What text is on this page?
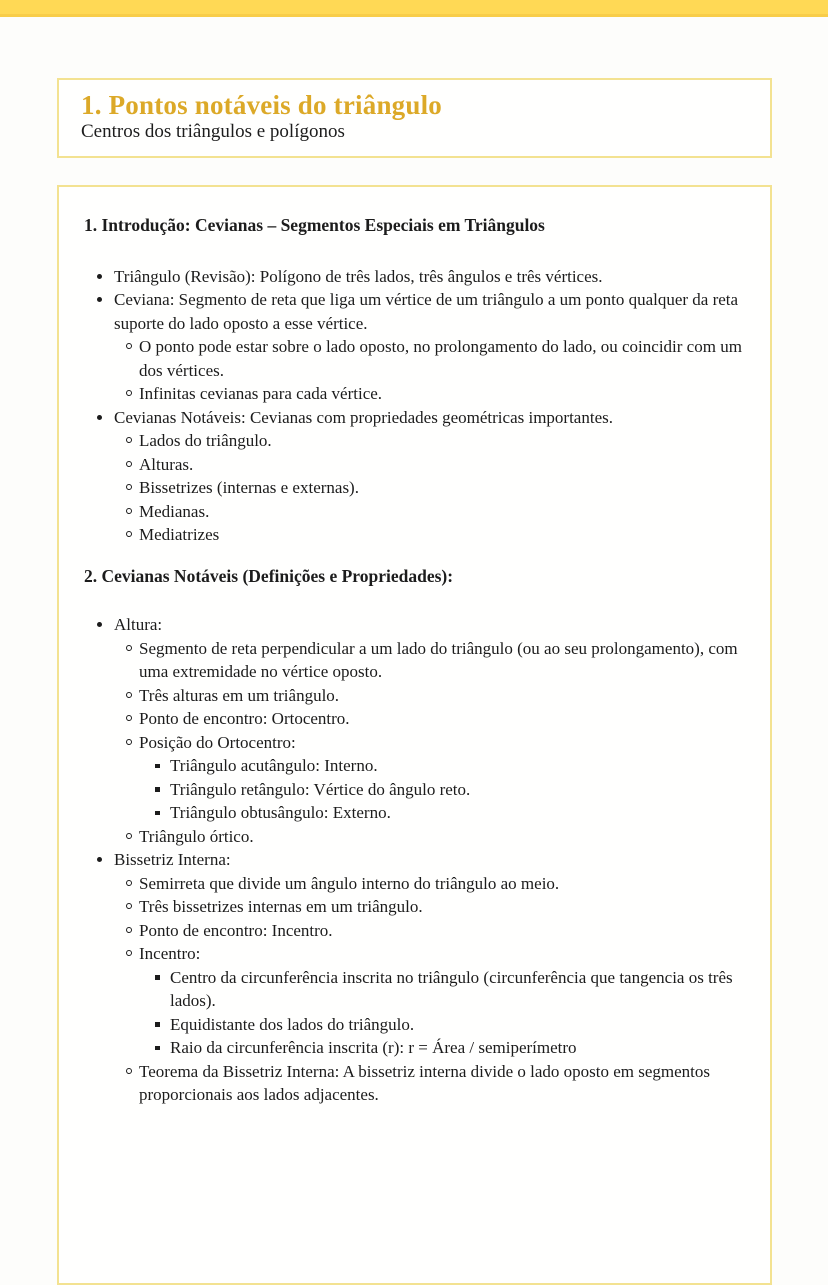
1. Pontos notáveis do triângulo

Centros dos triângulos e polígonos

1. Introdução: Cevianas – Segmentos Especiais em Triângulos
Triângulo (Revisão): Polígono de três lados, três ângulos e três vértices.
Ceviana: Segmento de reta que liga um vértice de um triângulo a um ponto qualquer da reta suporte do lado oposto a esse vértice.
O ponto pode estar sobre o lado oposto, no prolongamento do lado, ou coincidir com um dos vértices.
Infinitas cevianas para cada vértice.
Cevianas Notáveis: Cevianas com propriedades geométricas importantes.
Lados do triângulo.
Alturas.
Bissetrizes (internas e externas).
Medianas.
Mediatrizes
2. Cevianas Notáveis (Definições e Propriedades):
Altura:
Segmento de reta perpendicular a um lado do triângulo (ou ao seu prolongamento), com uma extremidade no vértice oposto.
Três alturas em um triângulo.
Ponto de encontro: Ortocentro.
Posição do Ortocentro:
Triângulo acutângulo: Interno.
Triângulo retângulo: Vértice do ângulo reto.
Triângulo obtusângulo: Externo.
Triângulo órtico.
Bissetriz Interna:
Semirreta que divide um ângulo interno do triângulo ao meio.
Três bissetrizes internas em um triângulo.
Ponto de encontro: Incentro.
Incentro:
Centro da circunferência inscrita no triângulo (circunferência que tangencia os três lados).
Equidistante dos lados do triângulo.
Raio da circunferência inscrita (r): r = Área / semiperímetro
Teorema da Bissetriz Interna: A bissetriz interna divide o lado oposto em segmentos proporcionais aos lados adjacentes.
